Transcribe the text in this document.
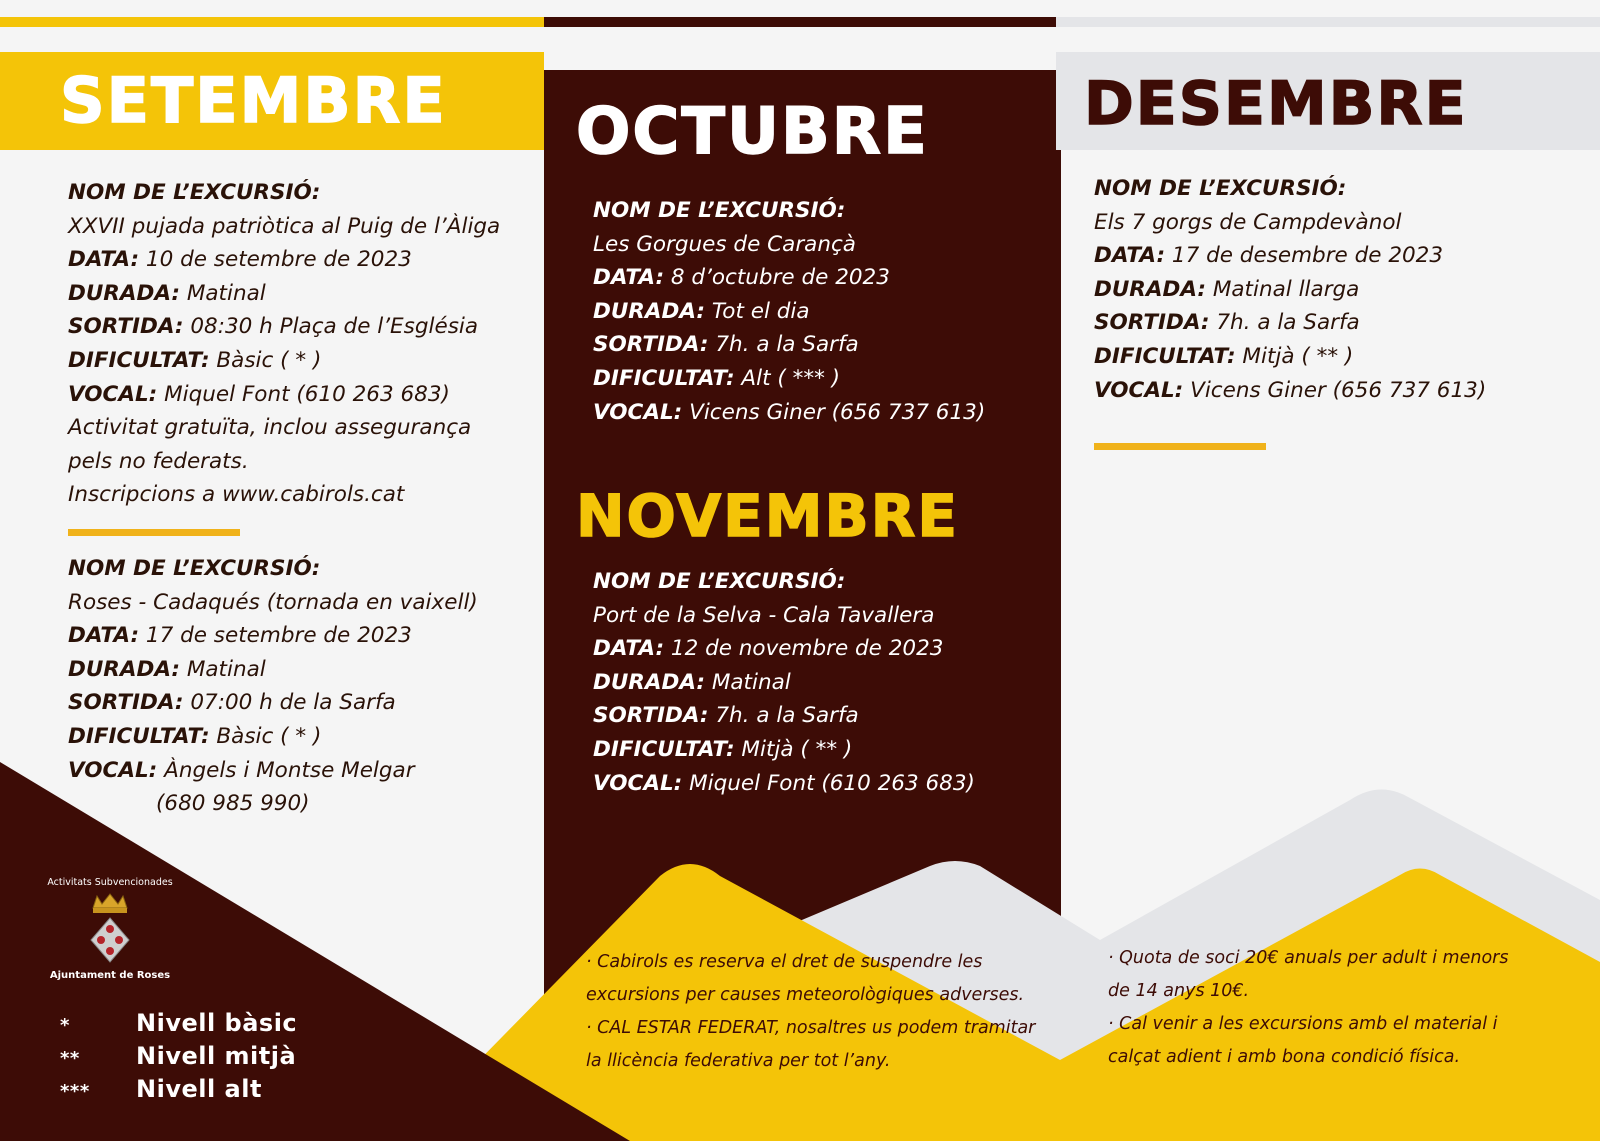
SETEMBRE OCTUBRE
NOVEMBRE
DESEMBRE
NOM DE L’EXCURSIÓ:
XXVII pujada patriòtica al Puig de l’Àliga
DATA: 10 de setembre de 2023
DURADA: Matinal
SORTIDA: 08:30 h Plaça de l’Església
DIFICULTAT: Bàsic ( * )
VOCAL: Miquel Font (610 263 683)
Activitat gratuïta, inclou assegurança
pels no federats.
Inscripcions a www.cabirols.cat
NOM DE L’EXCURSIÓ:
Roses - Cadaqués (tornada en vaixell)
DATA: 17 de setembre de 2023
DURADA: Matinal
SORTIDA: 07:00 h de la Sarfa
DIFICULTAT: Bàsic ( * )
VOCAL: Àngels i Montse Melgar
(680 985 990)
NOM DE L’EXCURSIÓ:
Les Gorgues de Carançà
DATA: 8 d’octubre de 2023
DURADA: Tot el dia
SORTIDA: 7h. a la Sarfa
DIFICULTAT: Alt ( *** )
VOCAL: Vicens Giner (656 737 613)
NOM DE L’EXCURSIÓ:
Port de la Selva - Cala Tavallera
DATA: 12 de novembre de 2023
DURADA: Matinal
SORTIDA: 7h. a la Sarfa
DIFICULTAT: Mitjà ( ** )
VOCAL: Miquel Font (610 263 683)
NOM DE L’EXCURSIÓ:
Els 7 gorgs de Campdevànol
DATA: 17 de desembre de 2023
DURADA: Matinal llarga
SORTIDA: 7h. a la Sarfa
DIFICULTAT: Mitjà ( ** )
VOCAL: Vicens Giner (656 737 613)
Activitats Subvencionades
Ajuntament de Roses
*	Nivell bàsic
** Nivell mitjà
*** Nivell alt
· Cabirols es reserva el dret de suspendre les
excursions per causes meteorològiques adverses.
· CAL ESTAR FEDERAT, nosaltres us podem tramitar
la llicència federativa per tot l’any.
· Quota de soci 20€ anuals per adult i menors
de 14 anys 10€.
· Cal venir a les excursions amb el material i
calçat adient i amb bona condició física.
